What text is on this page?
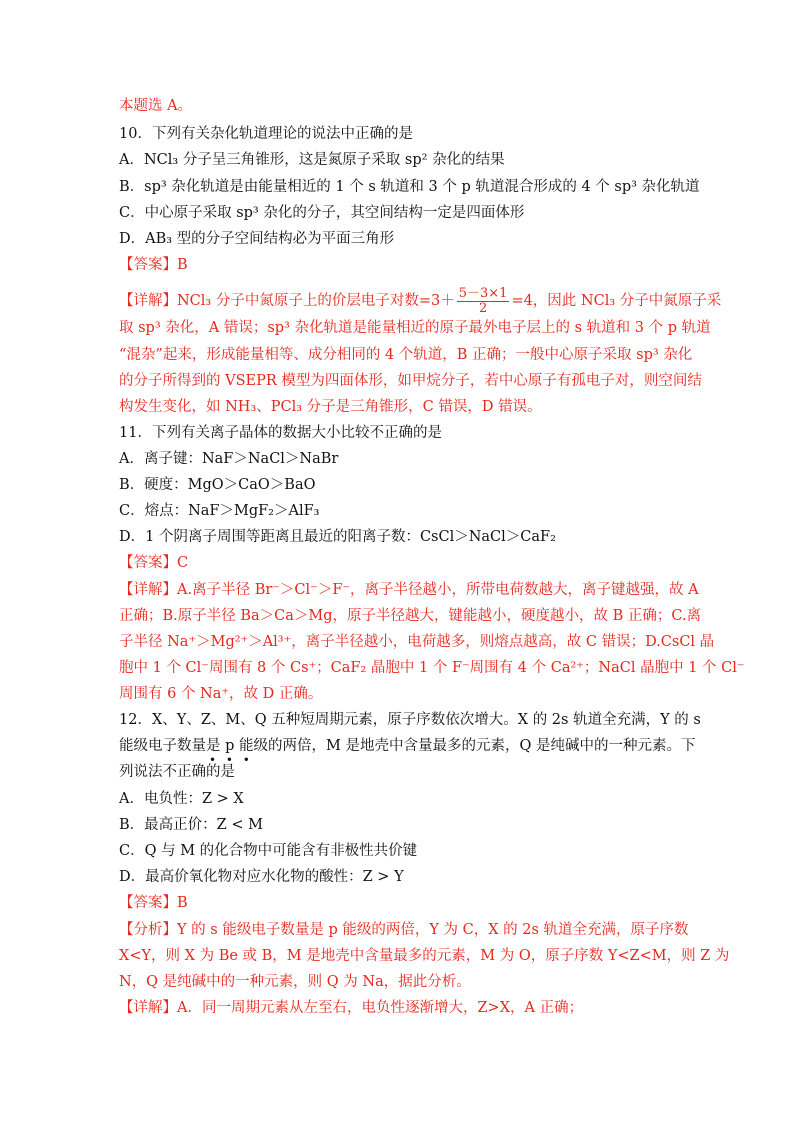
本题选 A。
10．下列有关杂化轨道理论的说法中正确的是
A．NCl₃ 分子呈三角锥形，这是氮原子采取 sp² 杂化的结果
B．sp³ 杂化轨道是由能量相近的 1 个 s 轨道和 3 个 p 轨道混合形成的 4 个 sp³ 杂化轨道
C．中心原子采取 sp³ 杂化的分子，其空间结构一定是四面体形
D．AB₃ 型的分子空间结构必为平面三角形
【答案】B
【详解】NCl₃ 分子中氮原子上的价层电子对数$=3+ \frac{5-3\times 1}{2} =4$，因此 NCl₃ 分子中氮原子采
取 sp³ 杂化，A 错误；sp³ 杂化轨道是能量相近的原子最外电子层上的 s 轨道和 3 个 p 轨道
“混杂”起来，形成能量相等、成分相同的 4 个轨道，B 正确；一般中心原子采取 sp³ 杂化
的分子所得到的 VSEPR 模型为四面体形，如甲烷分子，若中心原子有孤电子对，则空间结
构发生变化，如 NH₃、PCl₃ 分子是三角锥形，C 错误，D 错误。
11．下列有关离子晶体的数据大小比较不正确的是
A．离子键：NaF＞NaCl＞NaBr
B．硬度：MgO＞CaO＞BaO
C．熔点：NaF＞MgF₂＞AlF₃
D．1 个阴离子周围等距离且最近的阳离子数：CsCl＞NaCl＞CaF₂
【答案】C
【详解】A.离子半径 Br⁻＞Cl⁻＞F⁻，离子半径越小，所带电荷数越大，离子键越强，故 A
正确；B.原子半径 Ba＞Ca＞Mg，原子半径越大，键能越小，硬度越小，故 B 正确；C.离
子半径 Na⁺＞Mg²⁺＞Al³⁺，离子半径越小，电荷越多，则熔点越高，故 C 错误；D.CsCl 晶
胞中 1 个 Cl⁻周围有 8 个 Cs⁺；CaF₂ 晶胞中 1 个 F⁻周围有 4 个 Ca²⁺；NaCl 晶胞中 1 个 Cl⁻
周围有 6 个 Na⁺，故 D 正确。
12．X、Y、Z、M、Q 五种短周期元素，原子序数依次增大。X 的 2s 轨道全充满，Y 的 s
能级电子数量是 p 能级的两倍，M 是地壳中含量最多的元素，Q 是纯碱中的一种元素。下
• • •
列说法不正确的是
A．电负性：Z > X
B．最高正价：Z < M
C．Q 与 M 的化合物中可能含有非极性共价键
D．最高价氧化物对应水化物的酸性：Z > Y
【答案】B
【分析】Y 的 s 能级电子数量是 p 能级的两倍，Y 为 C，X 的 2s 轨道全充满，原子序数
X<Y，则 X 为 Be 或 B，M 是地壳中含量最多的元素，M 为 O，原子序数 Y<Z<M，则 Z 为
N，Q 是纯碱中的一种元素，则 Q 为 Na，据此分析。
【详解】A．同一周期元素从左至右，电负性逐渐增大，Z>X，A 正确；
